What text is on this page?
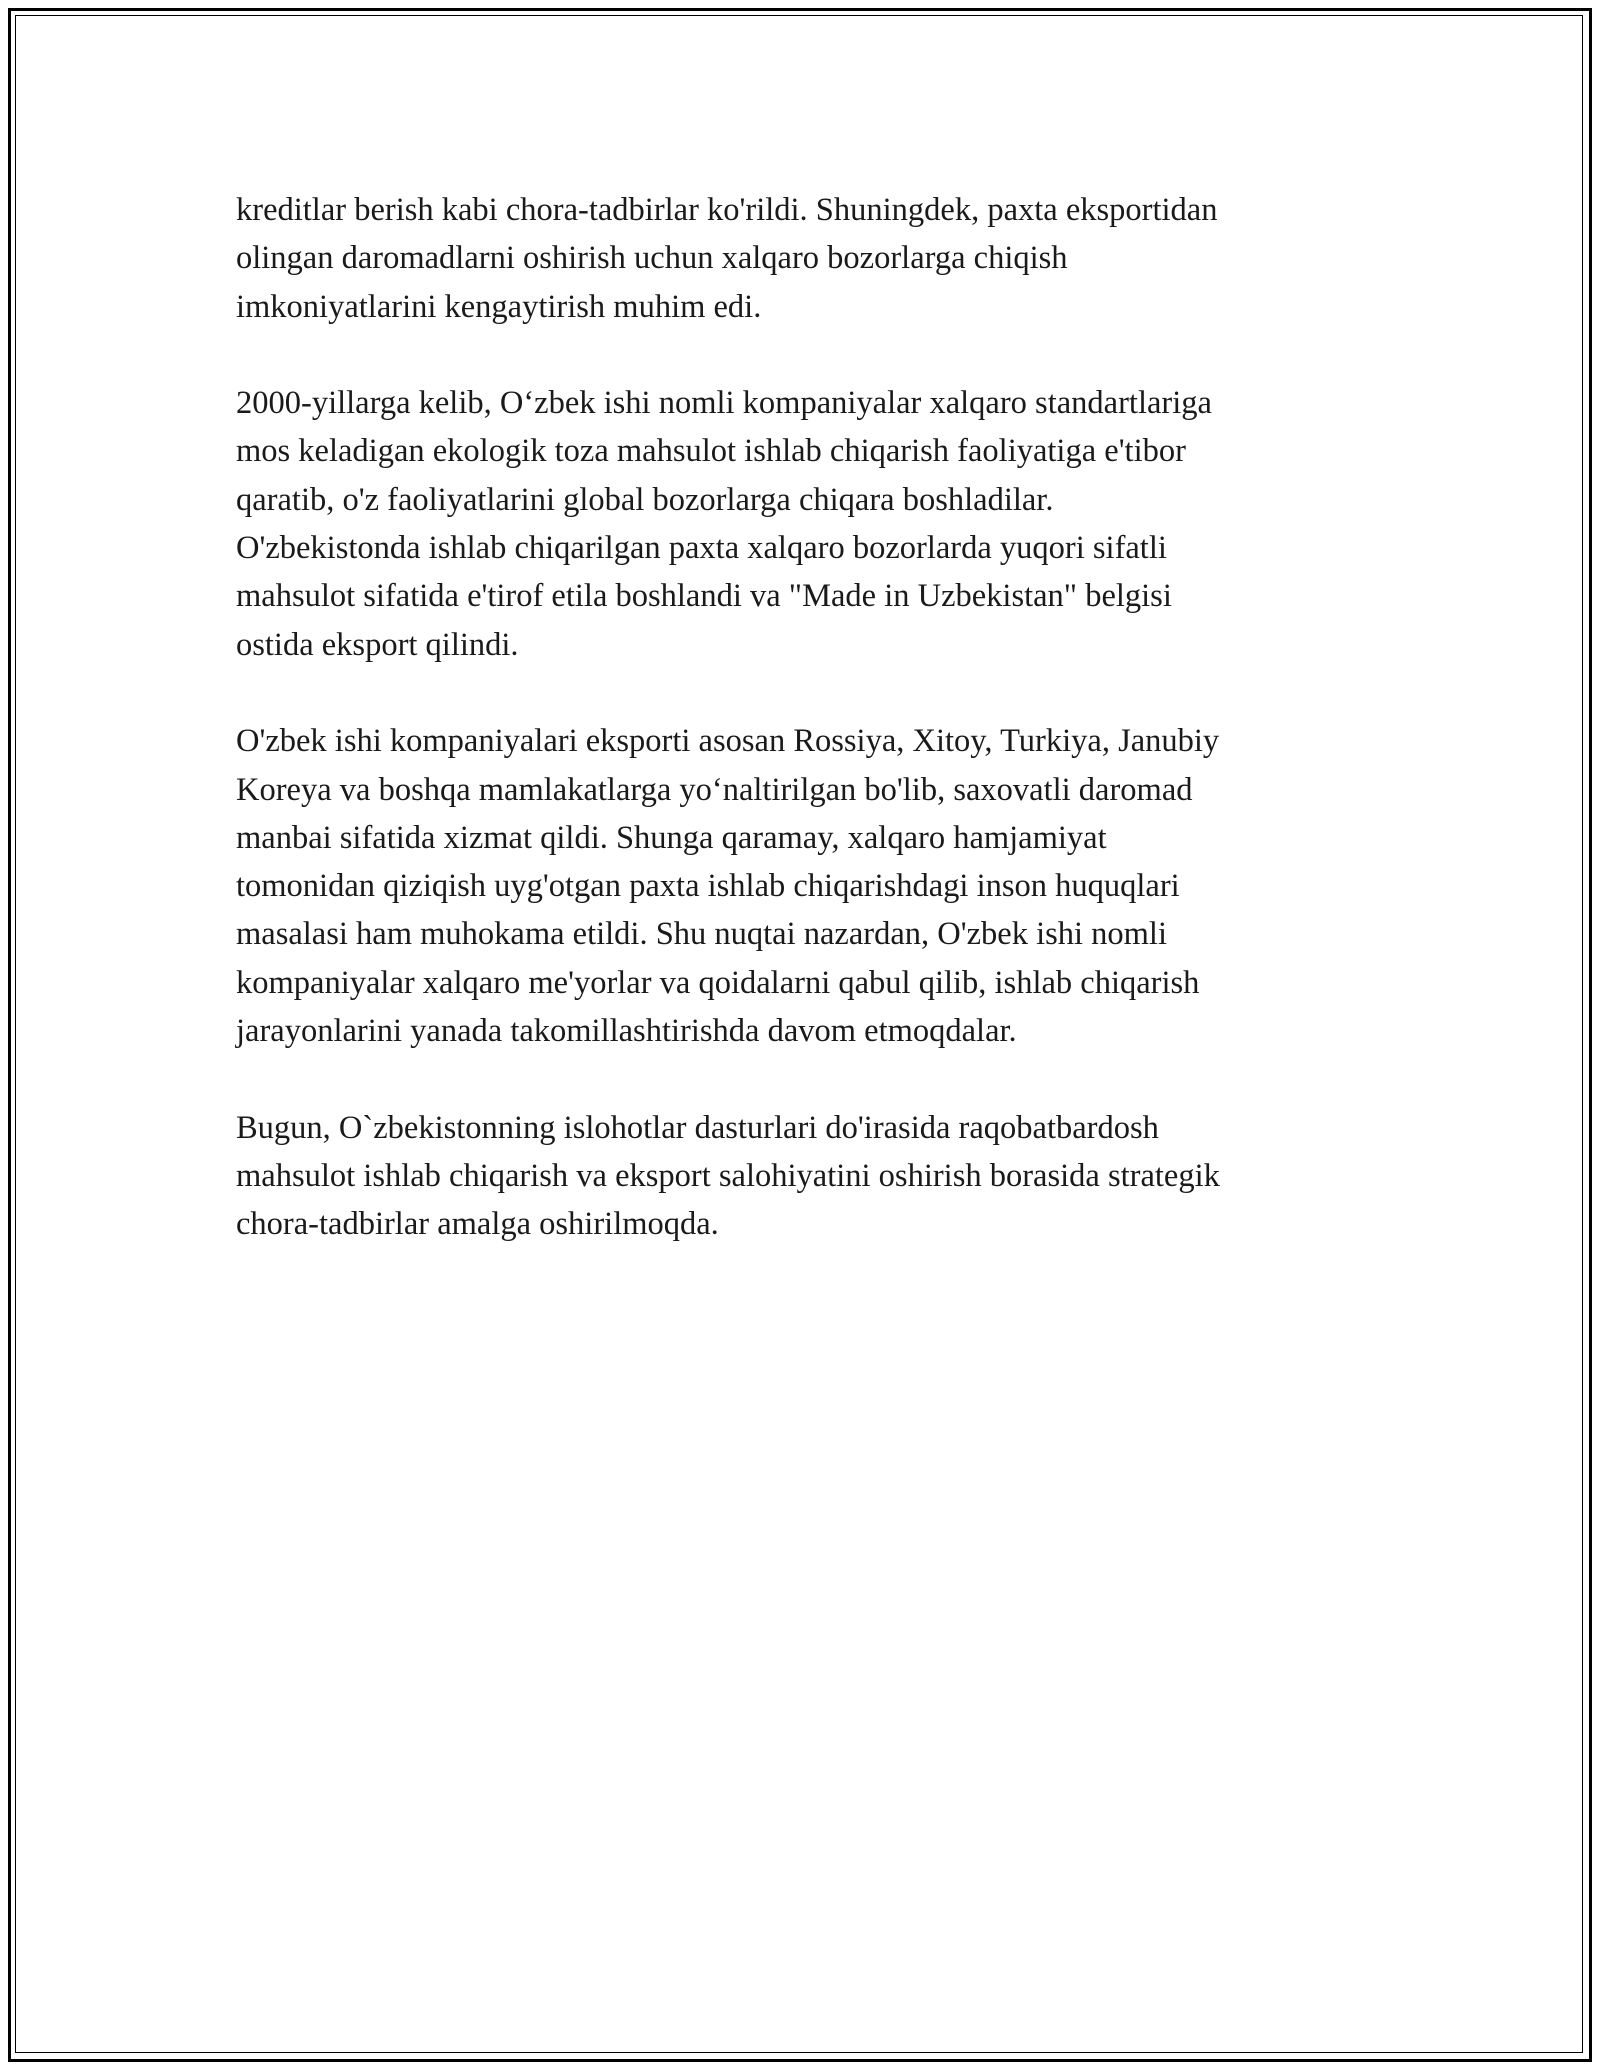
kreditlar berish kabi chora-tadbirlar ko'rildi. Shuningdek, paxta eksportidan
olingan daromadlarni oshirish uchun xalqaro bozorlarga chiqish
imkoniyatlarini kengaytirish muhim edi.

2000-yillarga kelib, O‘zbek ishi nomli kompaniyalar xalqaro standartlariga
mos keladigan ekologik toza mahsulot ishlab chiqarish faoliyatiga e'tibor
qaratib, o'z faoliyatlarini global bozorlarga chiqara boshladilar.
O'zbekistonda ishlab chiqarilgan paxta xalqaro bozorlarda yuqori sifatli
mahsulot sifatida e'tirof etila boshlandi va "Made in Uzbekistan" belgisi
ostida eksport qilindi.

O'zbek ishi kompaniyalari eksporti asosan Rossiya, Xitoy, Turkiya, Janubiy
Koreya va boshqa mamlakatlarga yo‘naltirilgan bo'lib, saxovatli daromad
manbai sifatida xizmat qildi. Shunga qaramay, xalqaro hamjamiyat
tomonidan qiziqish uyg'otgan paxta ishlab chiqarishdagi inson huquqlari
masalasi ham muhokama etildi. Shu nuqtai nazardan, O'zbek ishi nomli
kompaniyalar xalqaro me'yorlar va qoidalarni qabul qilib, ishlab chiqarish
jarayonlarini yanada takomillashtirishda davom etmoqdalar.

Bugun, O`zbekistonning islohotlar dasturlari do'irasida raqobatbardosh
mahsulot ishlab chiqarish va eksport salohiyatini oshirish borasida strategik
chora-tadbirlar amalga oshirilmoqda.
